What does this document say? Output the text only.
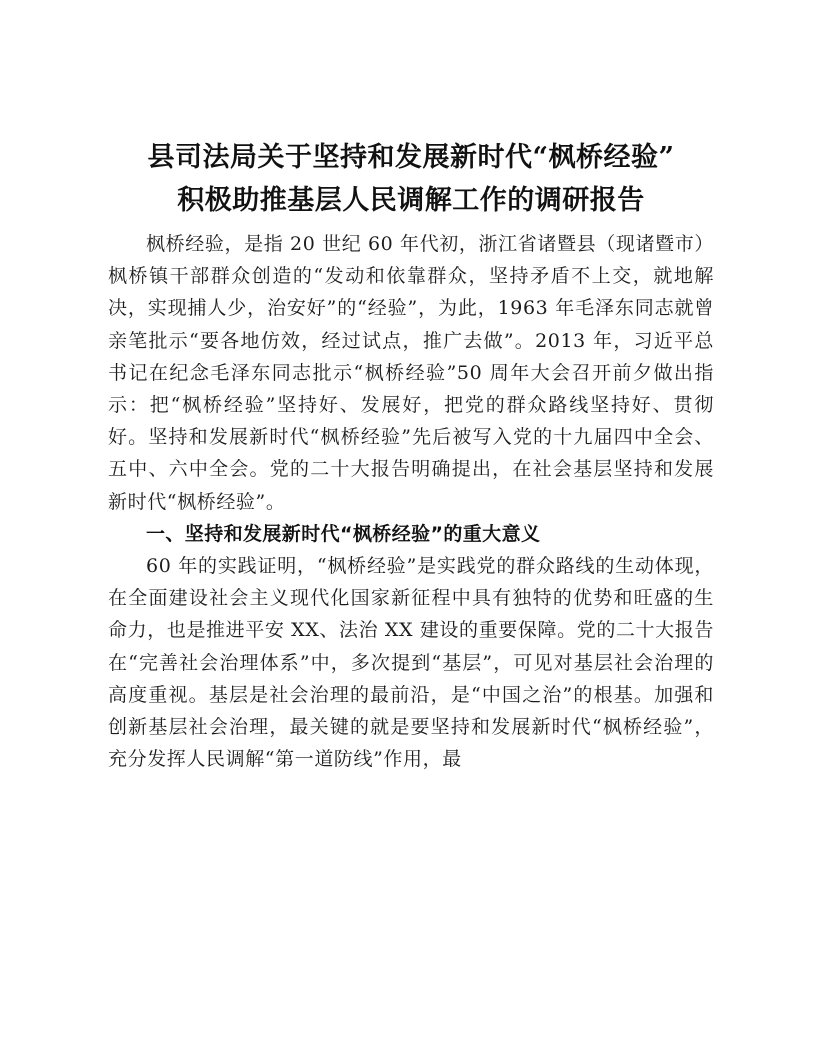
县司法局关于坚持和发展新时代“枫桥经验”
积极助推基层人民调解工作的调研报告

枫桥经验，是指 20 世纪 60 年代初，浙江省诸暨县（现诸暨市）枫桥镇干部群众创造的“发动和依靠群众，坚持矛盾不上交，就地解决，实现捕人少，治安好”的“经验”，为此，1963 年毛泽东同志就曾亲笔批示“要各地仿效，经过试点，推广去做”。2013 年，习近平总书记在纪念毛泽东同志批示“枫桥经验”50 周年大会召开前夕做出指示：把“枫桥经验”坚持好、发展好，把党的群众路线坚持好、贯彻好。坚持和发展新时代“枫桥经验”先后被写入党的十九届四中全会、五中、六中全会。党的二十大报告明确提出，在社会基层坚持和发展新时代“枫桥经验”。

一、坚持和发展新时代“枫桥经验”的重大意义

60 年的实践证明，“枫桥经验”是实践党的群众路线的生动体现，在全面建设社会主义现代化国家新征程中具有独特的优势和旺盛的生命力，也是推进平安 XX、法治 XX 建设的重要保障。党的二十大报告在“完善社会治理体系”中，多次提到“基层”，可见对基层社会治理的高度重视。基层是社会治理的最前沿，是“中国之治”的根基。加强和创新基层社会治理，最关键的就是要坚持和发展新时代“枫桥经验”，充分发挥人民调解“第一道防线”作用，最
